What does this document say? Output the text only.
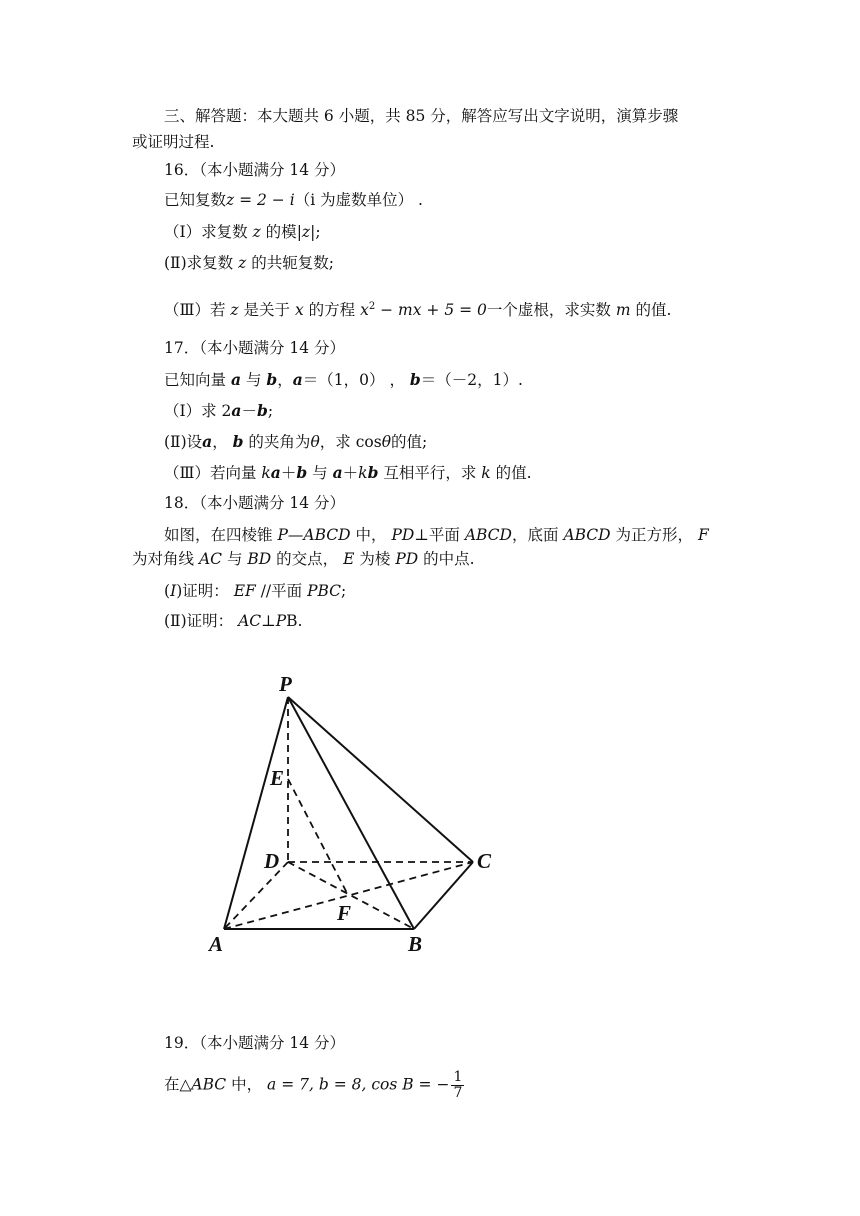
三、解答题：本大题共 6 小题，共 85 分，解答应写出文字说明，演算步骤
或证明过程.
16．（本小题满分 14 分）
已知复数z = 2 − i（i 为虚数单位） .
（Ⅰ）求复数 z 的模|z|;
(Ⅱ)求复数 z 的共轭复数;
（Ⅲ）若 z 是关于 x 的方程 $x^2$ − mx + 5 = 0一个虚根，求实数 m 的值.
17．（本小题满分 14 分）
已知向量 a 与 b，a＝（1，0） ， b＝（－2，1）.
（Ⅰ）求 2a－b;
(Ⅱ)设a， b 的夹角为θ，求 cosθ的值;
（Ⅲ）若向量 ka＋b 与 a＋kb 互相平行，求 k 的值.
18．（本小题满分 14 分）
如图，在四棱锥 P—ABCD 中， PD⊥平面 ABCD，底面 ABCD 为正方形， F
为对角线 AC 与 BD 的交点， E 为棱 PD 的中点.
(I)证明： EF //平面 PBC;
(Ⅱ)证明： AC⊥PB.
P
E
D	C
F
A	B
19．（本小题满分 14 分）
在△ABC 中， a = 7, b = 8, cos B = − $\frac{1}{7}$
